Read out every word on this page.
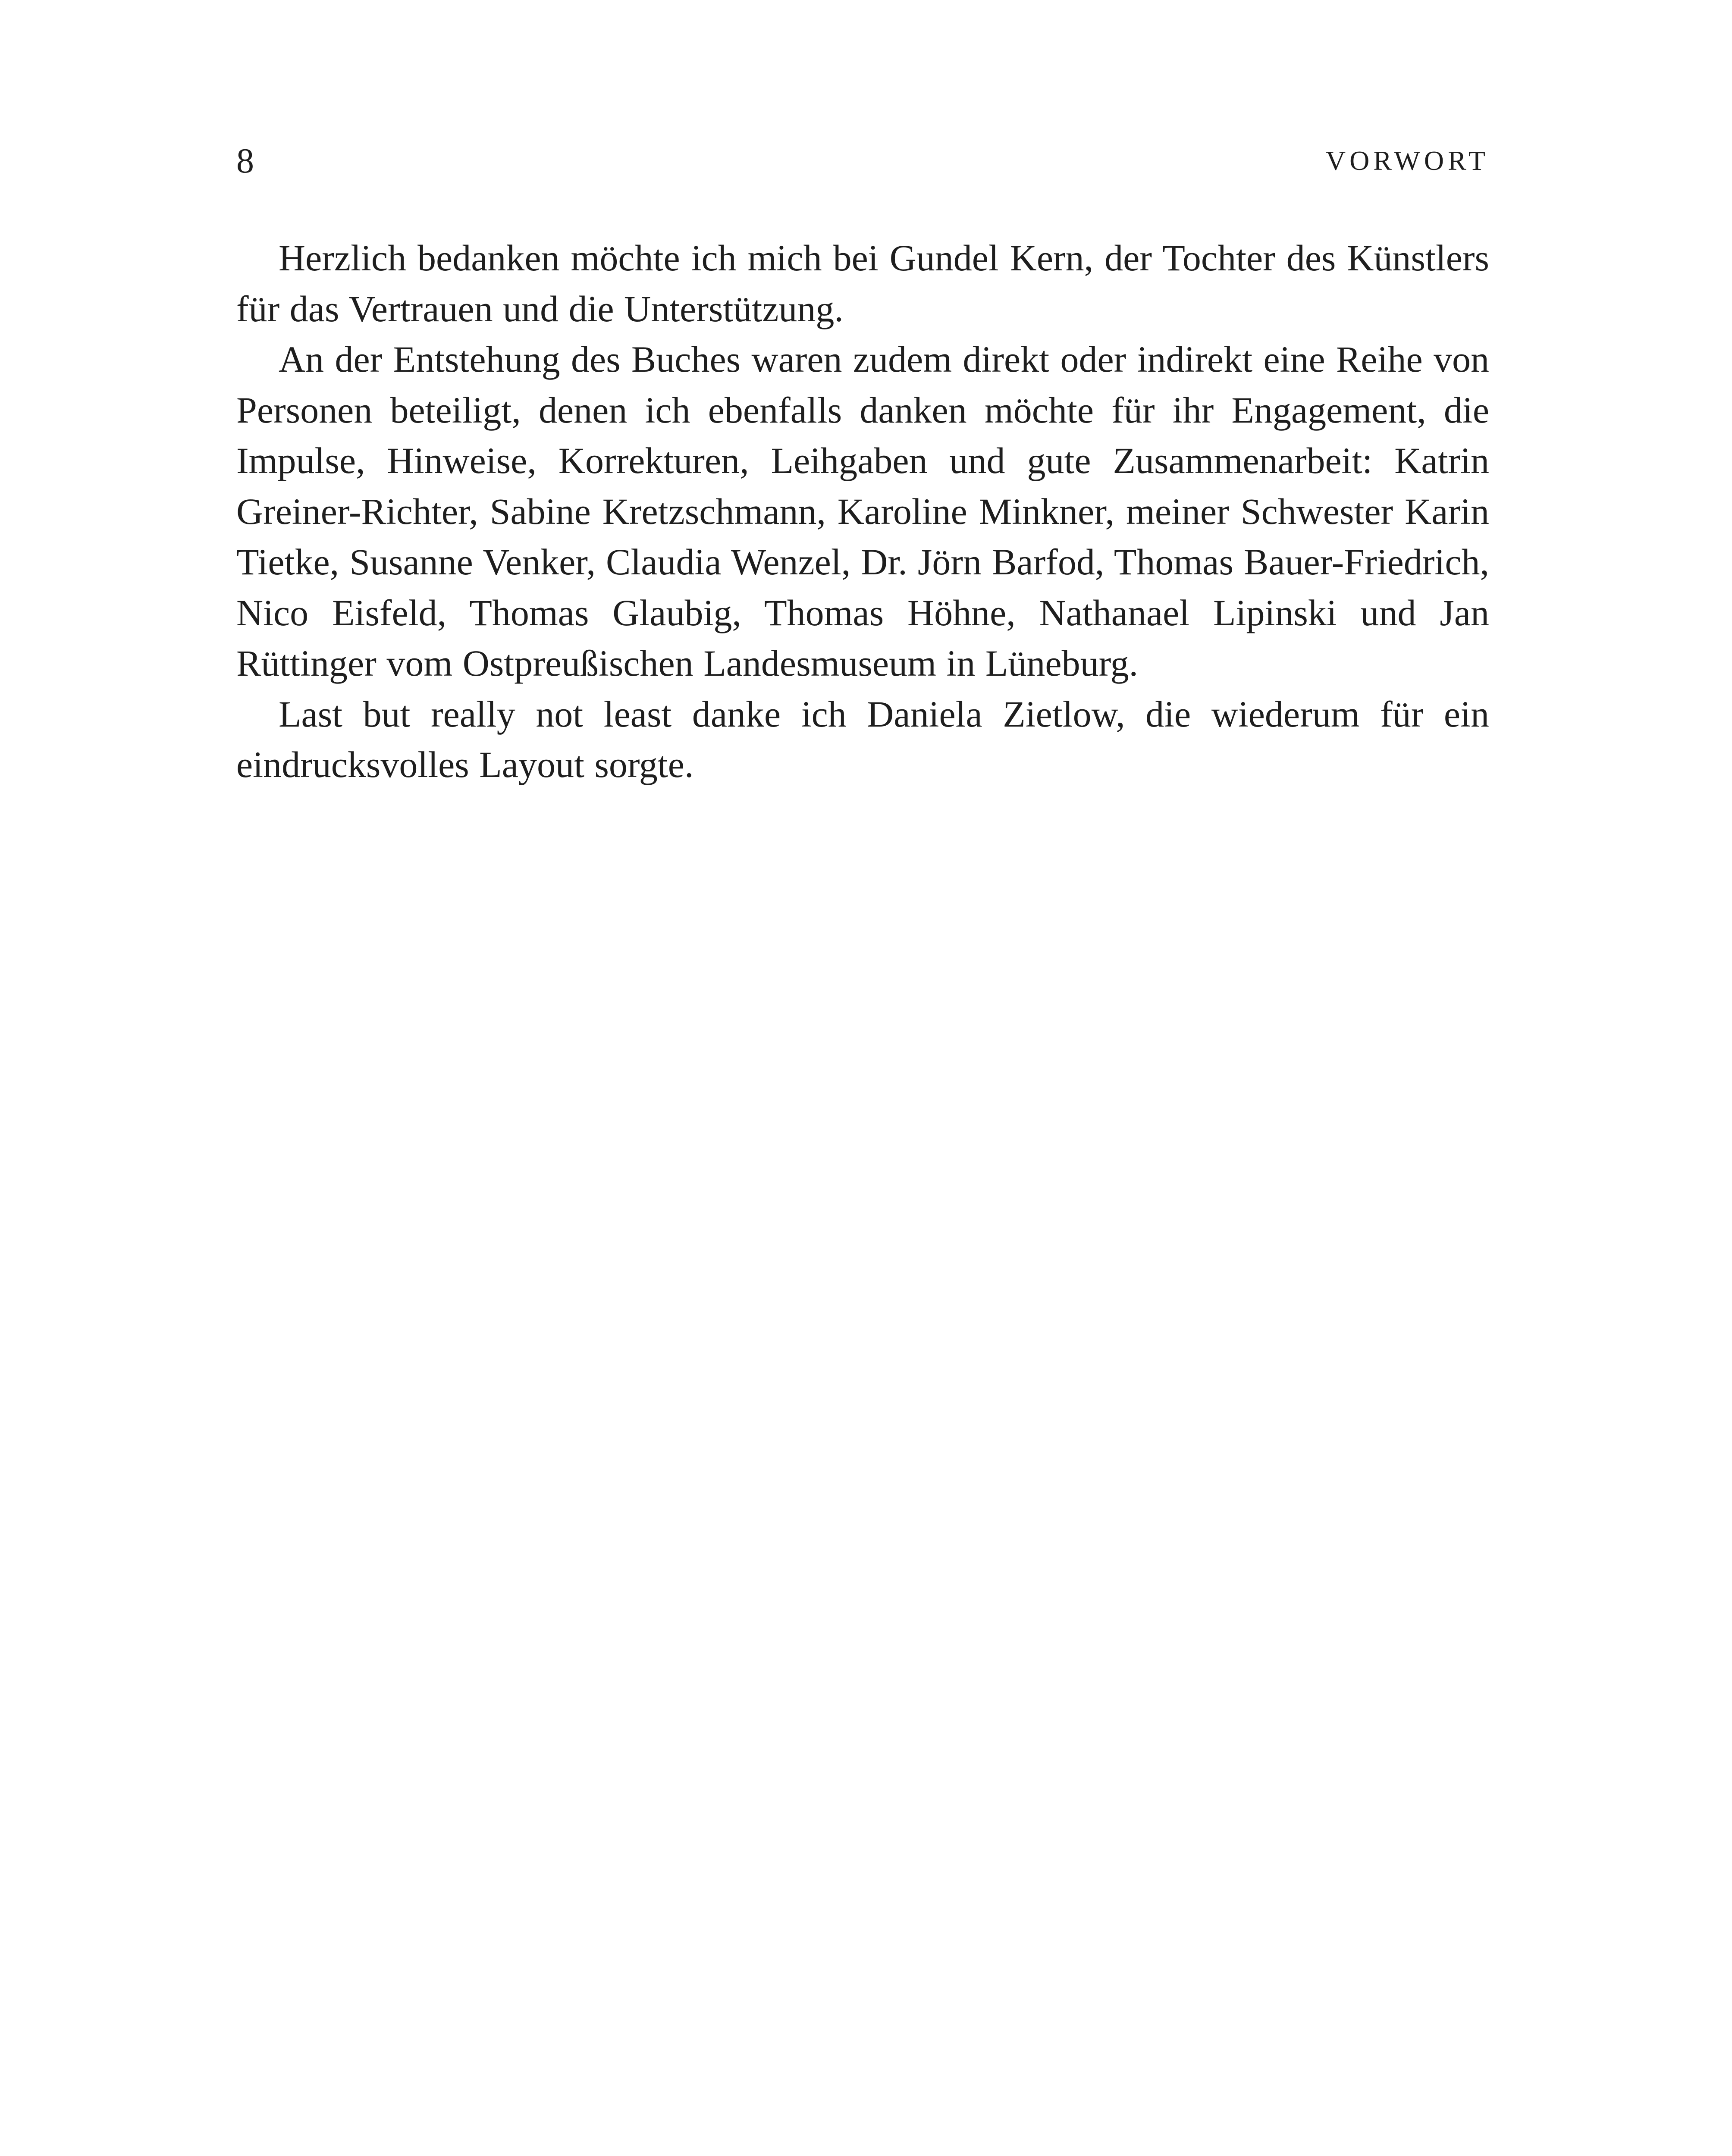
8	VORWORT

Herzlich bedanken möchte ich mich bei Gundel Kern, der Tochter des Künstlers für das Vertrauen und die Unterstützung.

An der Entstehung des Buches waren zudem direkt oder indirekt eine Reihe von Personen beteiligt, denen ich ebenfalls danken möchte für ihr Engagement, die Impulse, Hinweise, Korrekturen, Leihgaben und gute Zusammenarbeit: Katrin Greiner-Richter, Sabine Kretzschmann, Karoline Minkner, meiner Schwester Karin Tietke, Susanne Venker, Claudia Wenzel, Dr. Jörn Barfod, Thomas Bauer-Friedrich, Nico Eisfeld, Thomas Glaubig, Thomas Höhne, Nathanael Lipinski und Jan Rüttinger vom Ostpreußischen Landesmuseum in Lüneburg.

Last but really not least danke ich Daniela Zietlow, die wiederum für ein eindrucksvolles Layout sorgte.
